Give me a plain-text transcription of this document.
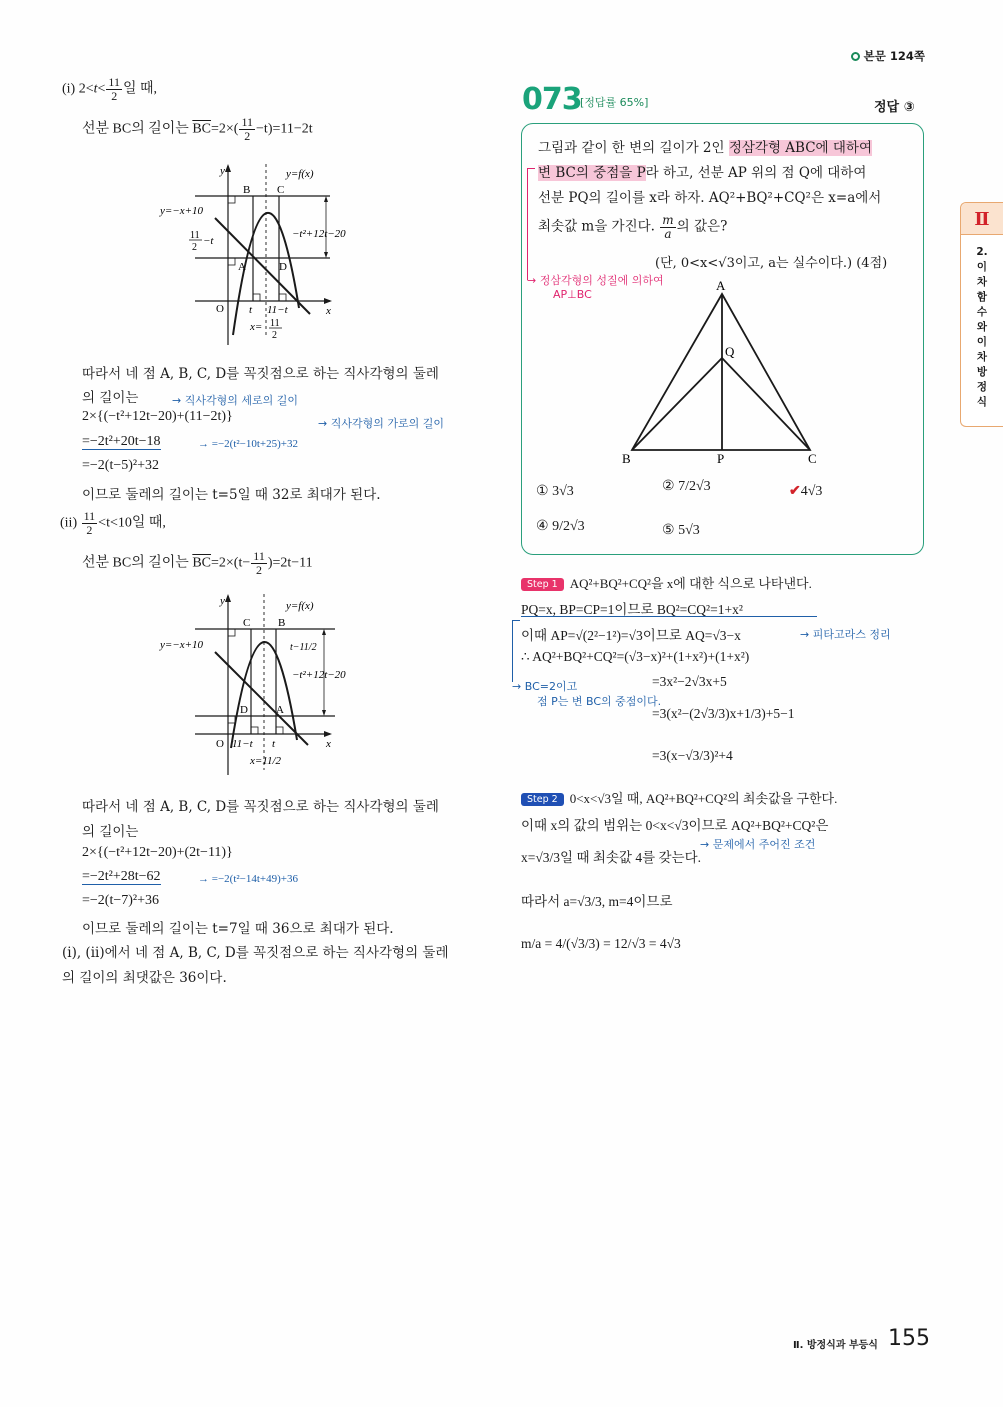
본문 124쪽
073
[정답률 65%]	정답 ③
Ⅱ
2.이차함수와이차방정식
(i) $2<t< \frac{11}{2}$ 일 때,
선분 BC의 길이는 $\overline{BC}=2\times( \frac{11}{2} -t)=11-2t$
y
x
O
y=f(x)
y=−x+10
11
2
−t
−t²+12t−20
B C
A	D
t 11−t
x= 11
2
따라서 네 점 A, B, C, D를 꼭짓점으로 하는 직사각형의 둘레
의 길이는	→ 직사각형의 세로의 길이
2×{(−t²+12t−20)+(11−2t)}	→ 직사각형의 가로의 길이
=−2t²+20t−18	→ =−2(t²−10t+25)+32
=−2(t−5)²+32
이므로 둘레의 길이는 t=5일 때 32로 최대가 된다.
$(ii) \frac{11}{2} <t<10$일 때,
선분 BC의 길이는 $\overline{BC}=2\times(t- \frac{11}{2} )=2t-11$
y
x
O
y=f(x)
y=−x+10	t−11/2
−t²+12t−20
B
C
A
D
11−t t
x=11/2
따라서 네 점 A, B, C, D를 꼭짓점으로 하는 직사각형의 둘레
의 길이는
2×{(−t²+12t−20)+(2t−11)}
=−2t²+28t−62	→ =−2(t²−14t+49)+36
=−2(t−7)²+36
이므로 둘레의 길이는 t=7일 때 36으로 최대가 된다.
(i), (ii)에서 네 점 A, B, C, D를 꼭짓점으로 하는 직사각형의 둘레
의 길이의 최댓값은 36이다.
그림과 같이 한 변의 길이가 2인 정삼각형 ABC에 대하여
변 BC의 중점을 P라 하고, 선분 AP 위의 점 Q에 대하여
선분 PQ의 길이를 x라 하자. AQ²+BQ²+CQ²은 x=a에서
최솟값 m을 가진다. $\frac{m}{a}$ 의 값은?
(단, 0<x<√3이고, a는 실수이다.) (4점)
→ 정삼각형의 성질에 의하여
AP⊥BC
A
Q
B	P	C
① 3√3	② 7/2√3	✔4√3
④ 9/2√3	⑤ 5√3
Step 1 AQ²+BQ²+CQ²을 x에 대한 식으로 나타낸다.
PQ=x, BP=CP=1이므로 BQ²=CQ²=1+x²
이때 AP=√(2²−1²)=√3이므로 AQ=√3−x	→ 피타고라스 정리
∴ AQ²+BQ²+CQ²=(√3−x)²+(1+x²)+(1+x²)
=3x²−2√3x+5
→ BC=2이고
점 P는 변 BC의 중점이다.
=3(x²−(2√3/3)x+1/3)+5−1
=3(x−√3/3)²+4
Step 2 0<x<√3일 때, AQ²+BQ²+CQ²의 최솟값을 구한다.
이때 x의 값의 범위는 0<x<√3이므로 AQ²+BQ²+CQ²은
→ 문제에서 주어진 조건
x=√3/3일 때 최솟값 4를 갖는다.
따라서 a=√3/3, m=4이므로
m/a = 4/(√3/3) = 12/√3 = 4√3
Ⅱ. 방정식과 부등식 155
